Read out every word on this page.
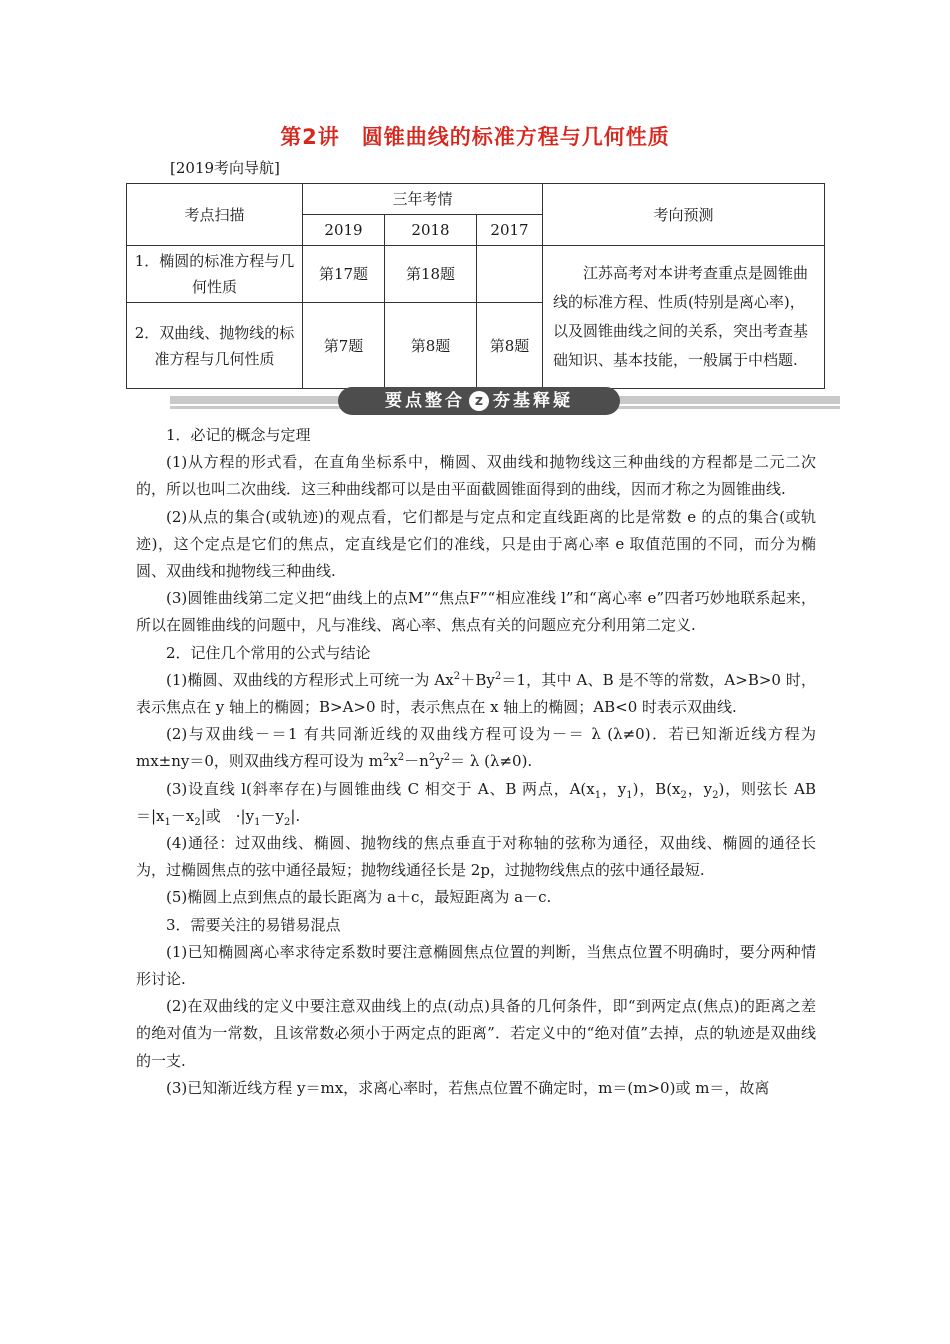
第2讲　圆锥曲线的标准方程与几何性质
[2019考向导航]
考点扫描	三年考情			考向预测
	2019	2018	2017	
1．椭圆的标准方程与几何性质	第17题	第18题		江苏高考对本讲考查重点是圆锥曲线的标准方程、性质(特别是离心率)，以及圆锥曲线之间的关系，突出考查基础知识、基本技能，一般属于中档题.
2．双曲线、抛物线的标准方程与几何性质	第7题	第8题	第8题	
要点整合 z 夯基释疑

1．必记的概念与定理

(1)从方程的形式看，在直角坐标系中，椭圆、双曲线和抛物线这三种曲线的方程都是二元二次的，所以也叫二次曲线．这三种曲线都可以是由平面截圆锥面得到的曲线，因而才称之为圆锥曲线.

(2)从点的集合(或轨迹)的观点看，它们都是与定点和定直线距离的比是常数 e 的点的集合(或轨迹)，这个定点是它们的焦点，定直线是它们的准线，只是由于离心率 e 取值范围的不同，而分为椭圆、双曲线和抛物线三种曲线.

(3)圆锥曲线第二定义把“曲线上的点M”“焦点F”“相应准线 l”和“离心率 e”四者巧妙地联系起来，所以在圆锥曲线的问题中，凡与准线、离心率、焦点有关的问题应充分利用第二定义.

2．记住几个常用的公式与结论

(1)椭圆、双曲线的方程形式上可统一为 $Ax^2+By^2=1$，其中 A、B 是不等的常数，A>B>0 时，表示焦点在 y 轴上的椭圆；B>A>0 时，表示焦点在 x 轴上的椭圆；AB<0 时表示双曲线.

(2)与双曲线－＝1 有共同渐近线的双曲线方程可设为－＝ λ (λ≠0)．若已知渐近线方程为 mx±ny＝0，则双曲线方程可设为 $m^2x^2-n^2y^2= \lambda$ (λ≠0).

(3)设直线 l(斜率存在)与圆锥曲线 C 相交于 A、B 两点，$A(x_1$，$y_1$)，$B(x_2$，$y_2$)，则弦长 $AB=|x_1-x_2|$或　$\cdot|y_1-y_2|$.

(4)通径：过双曲线、椭圆、抛物线的焦点垂直于对称轴的弦称为通径，双曲线、椭圆的通径长为，过椭圆焦点的弦中通径最短；抛物线通径长是 2p，过抛物线焦点的弦中通径最短.

(5)椭圆上点到焦点的最长距离为 a＋c，最短距离为 a－c.

3．需要关注的易错易混点

(1)已知椭圆离心率求待定系数时要注意椭圆焦点位置的判断，当焦点位置不明确时，要分两种情形讨论.

(2)在双曲线的定义中要注意双曲线上的点(动点)具备的几何条件，即“到两定点(焦点)的距离之差的绝对值为一常数，且该常数必须小于两定点的距离”．若定义中的“绝对值”去掉，点的轨迹是双曲线的一支.

(3)已知渐近线方程 y＝mx，求离心率时，若焦点位置不确定时，m＝(m>0)或 m＝，故离
